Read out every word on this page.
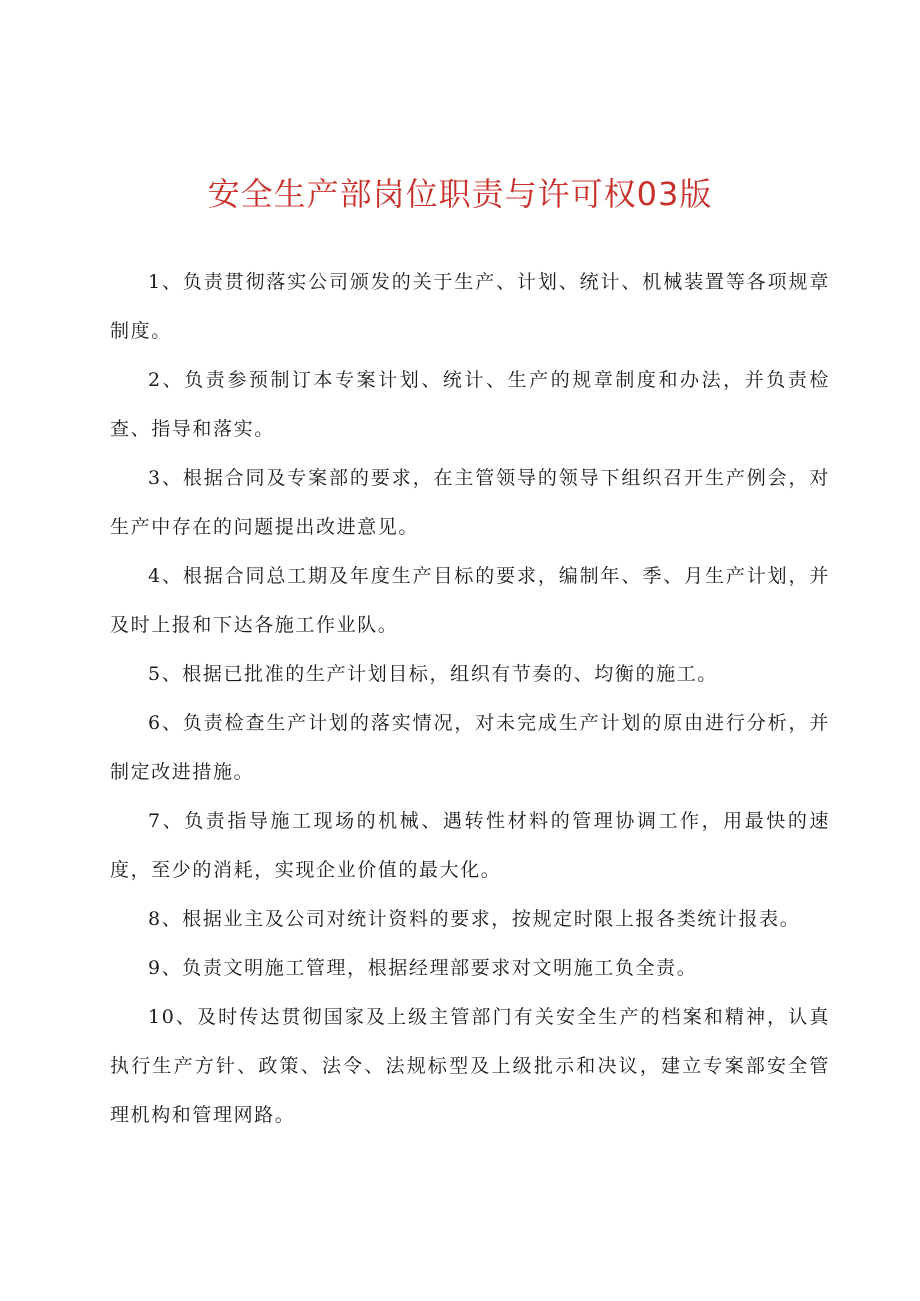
安全生产部岗位职责与许可权03版

1、负责贯彻落实公司颁发的关于生产、计划、统计、机械装置等各项规章制度。

2、负责参预制订本专案计划、统计、生产的规章制度和办法，并负责检查、指导和落实。

3、根据合同及专案部的要求，在主管领导的领导下组织召开生产例会，对生产中存在的问题提出改进意见。

4、根据合同总工期及年度生产目标的要求，编制年、季、月生产计划，并及时上报和下达各施工作业队。

5、根据已批准的生产计划目标，组织有节奏的、均衡的施工。

6、负责检查生产计划的落实情况，对未完成生产计划的原由进行分析，并制定改进措施。

7、负责指导施工现场的机械、遇转性材料的管理协调工作，用最快的速度，至少的消耗，实现企业价值的最大化。

8、根据业主及公司对统计资料的要求，按规定时限上报各类统计报表。

9、负责文明施工管理，根据经理部要求对文明施工负全责。

10、及时传达贯彻国家及上级主管部门有关安全生产的档案和精神，认真执行生产方针、政策、法令、法规标型及上级批示和决议，建立专案部安全管理机构和管理网路。
